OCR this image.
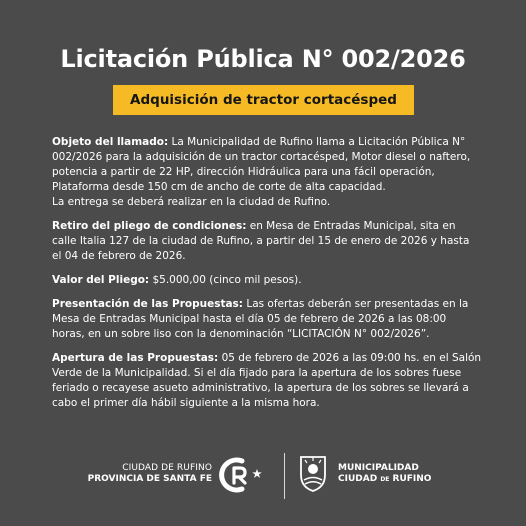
Licitación Pública N° 002/2026
Adquisición de tractor cortacésped

Objeto del llamado: La Municipalidad de Rufino llama a Licitación Pública N° 002/2026 para la adquisición de un tractor cortacésped, Motor diesel o naftero, potencia a partir de 22 HP, dirección Hidráulica para una fácil operación, Plataforma desde 150 cm de ancho de corte de alta capacidad.
La entrega se deberá realizar en la ciudad de Rufino.

Retiro del pliego de condiciones: en Mesa de Entradas Municipal, sita en calle Italia 127 de la ciudad de Rufino, a partir del 15 de enero de 2026 y hasta el 04 de febrero de 2026.

Valor del Pliego: $5.000,00 (cinco mil pesos).

Presentación de las Propuestas: Las ofertas deberán ser presentadas en la Mesa de Entradas Municipal hasta el día 05 de febrero de 2026 a las 08:00 horas, en un sobre liso con la denominación “LICITACIÓN N° 002/2026”.

Apertura de las Propuestas: 05 de febrero de 2026 a las 09:00 hs. en el Salón Verde de la Municipalidad. Si el día fijado para la apertura de los sobres fuese feriado o recayese asueto administrativo, la apertura de los sobres se llevará a cabo el primer día hábil siguiente a la misma hora.

CIUDAD DE RUFINO
PROVINCIA DE SANTA FE
MUNICIPALIDAD
CIUDAD DE RUFINO
